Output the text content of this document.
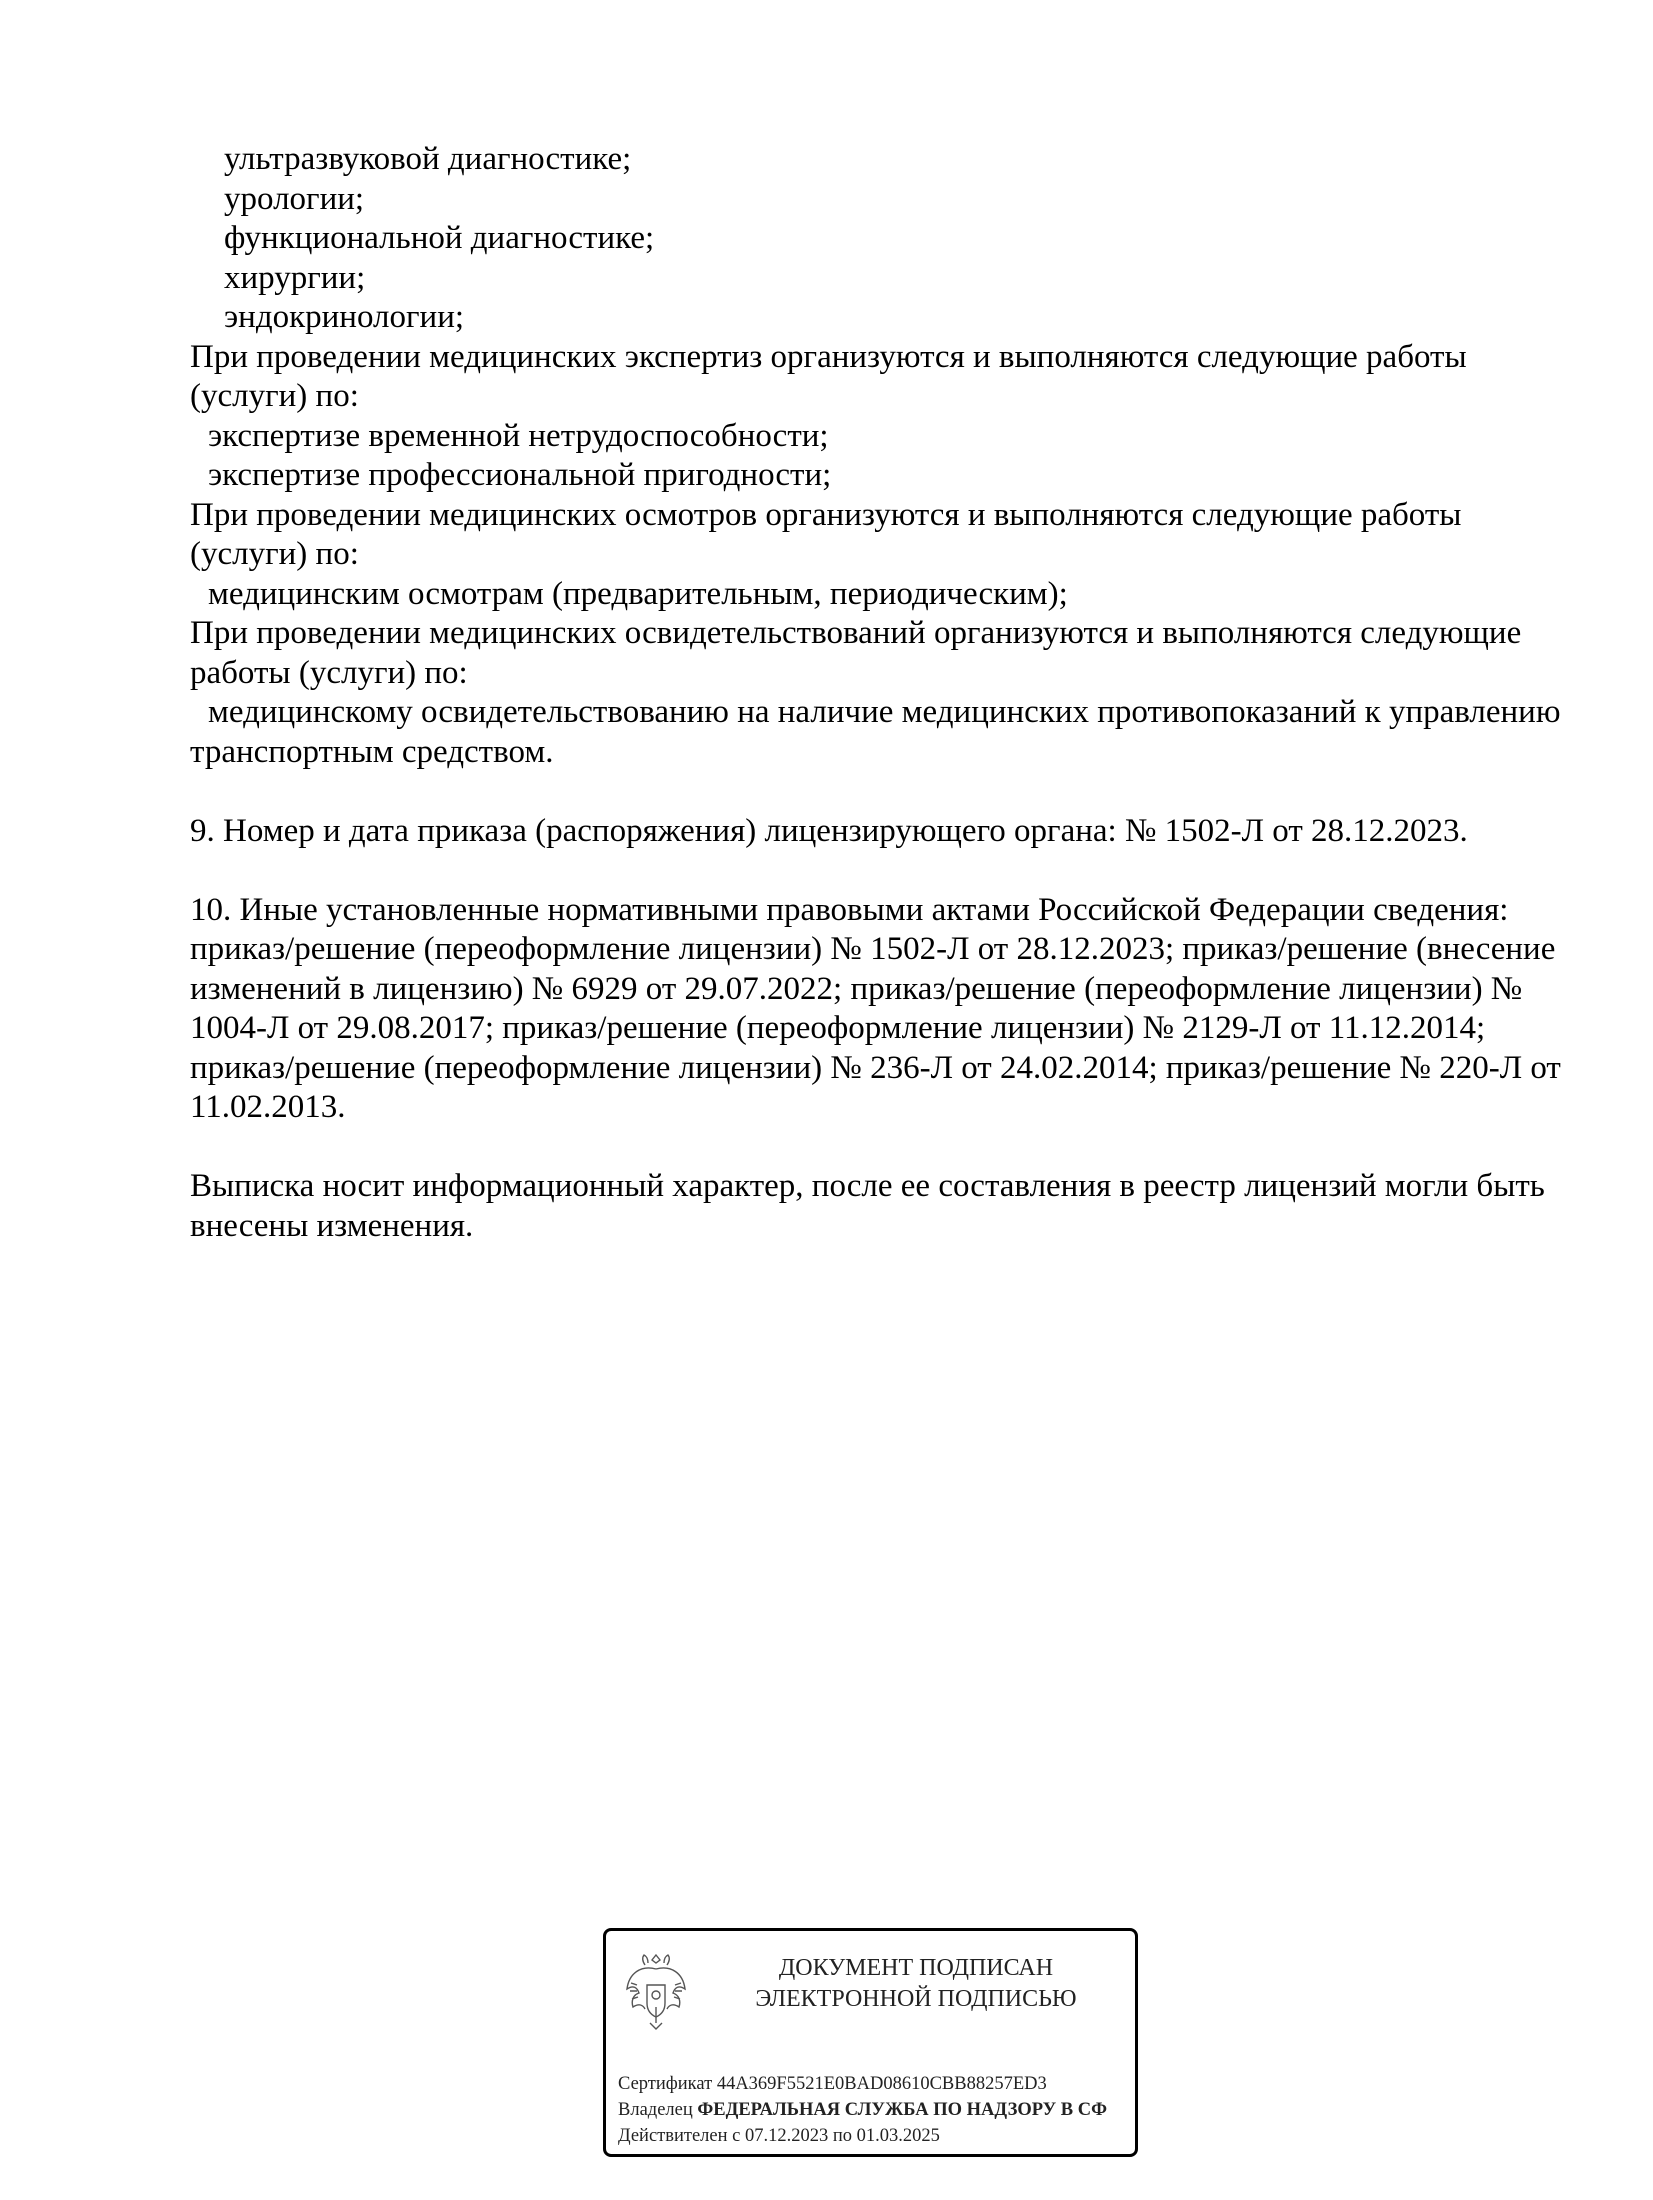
ультразвуковой диагностике;
урологии;
функциональной диагностике;
хирургии;
эндокринологии;
При проведении медицинских экспертиз организуются и выполняются следующие работы
(услуги) по:
экспертизе временной нетрудоспособности;
экспертизе профессиональной пригодности;
При проведении медицинских осмотров организуются и выполняются следующие работы
(услуги) по:
медицинским осмотрам (предварительным, периодическим);
При проведении медицинских освидетельствований организуются и выполняются следующие
работы (услуги) по:
медицинскому освидетельствованию на наличие медицинских противопоказаний к управлению
транспортным средством.
9. Номер и дата приказа (распоряжения) лицензирующего органа: № 1502-Л от 28.12.2023.
10. Иные установленные нормативными правовыми актами Российской Федерации сведения:
приказ/решение (переоформление лицензии) № 1502-Л от 28.12.2023; приказ/решение (внесение
изменений в лицензию) № 6929 от 29.07.2022; приказ/решение (переоформление лицензии) №
1004-Л от 29.08.2017; приказ/решение (переоформление лицензии) № 2129-Л от 11.12.2014;
приказ/решение (переоформление лицензии) № 236-Л от 24.02.2014; приказ/решение № 220-Л от
11.02.2013.
Выписка носит информационный характер, после ее составления в реестр лицензий могли быть
внесены изменения.
ДОКУМЕНТ ПОДПИСАН
ЭЛЕКТРОННОЙ ПОДПИСЬЮ
Сертификат 44A369F5521E0BAD08610CBB88257ED3
Владелец ФЕДЕРАЛЬНАЯ СЛУЖБА ПО НАДЗОРУ В СФ
Действителен с 07.12.2023 по 01.03.2025
